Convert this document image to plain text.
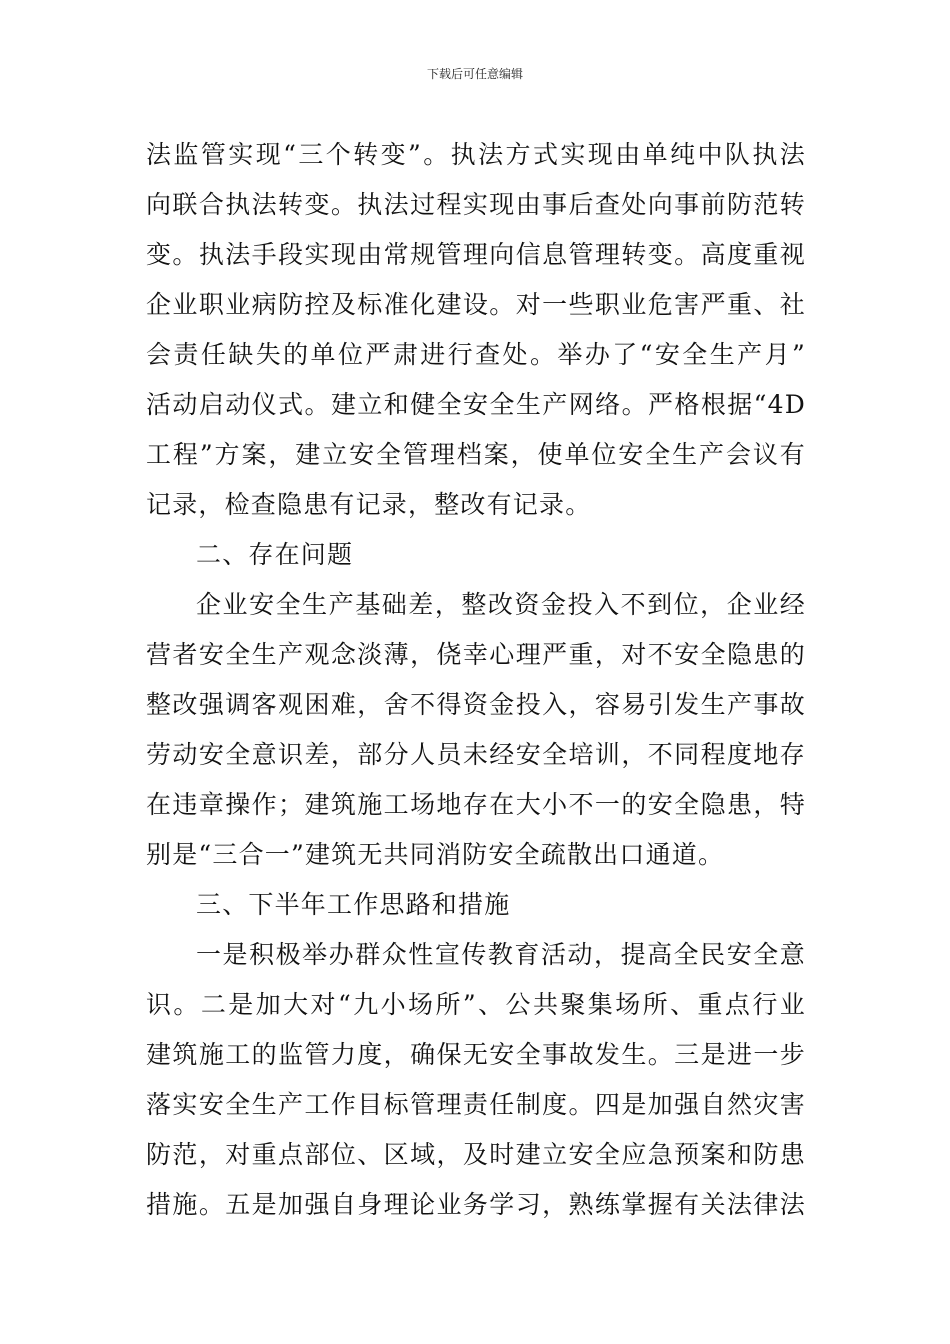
下载后可任意编辑
法监管实现“三个转变”。执法方式实现由单纯中队执法
向联合执法转变。执法过程实现由事后查处向事前防范转
变。执法手段实现由常规管理向信息管理转变。高度重视
企业职业病防控及标准化建设。对一些职业危害严重、社
会责任缺失的单位严肃进行查处。举办了“安全生产月”
活动启动仪式。建立和健全安全生产网络。严格根据“4D
工程”方案，建立安全管理档案，使单位安全生产会议有
记录，检查隐患有记录，整改有记录。
二、存在问题
企业安全生产基础差，整改资金投入不到位，企业经
营者安全生产观念淡薄，侥幸心理严重，对不安全隐患的
整改强调客观困难，舍不得资金投入，容易引发生产事故
劳动安全意识差，部分人员未经安全培训，不同程度地存
在违章操作；建筑施工场地存在大小不一的安全隐患，特
别是“三合一”建筑无共同消防安全疏散出口通道。
三、下半年工作思路和措施
一是积极举办群众性宣传教育活动，提高全民安全意
识。二是加大对“九小场所”、公共聚集场所、重点行业
建筑施工的监管力度，确保无安全事故发生。三是进一步
落实安全生产工作目标管理责任制度。四是加强自然灾害
防范，对重点部位、区域，及时建立安全应急预案和防患
措施。五是加强自身理论业务学习，熟练掌握有关法律法
